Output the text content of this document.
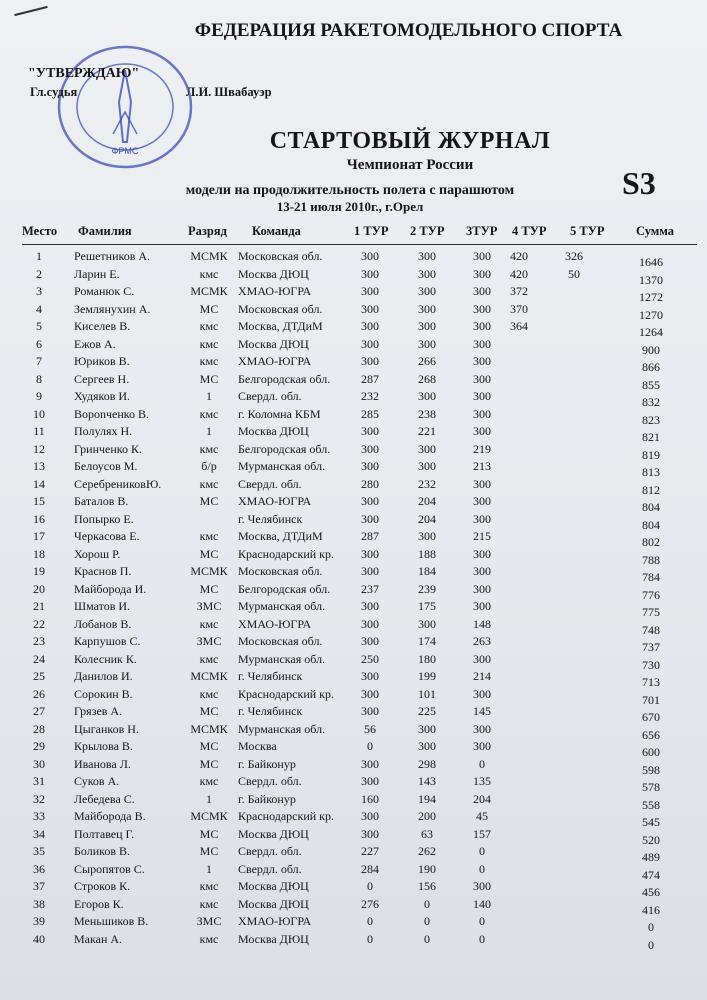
ФЕДЕРАЦИЯ РАКЕТОМОДЕЛЬНОГО СПОРТА
ФРМС
"УТВЕРЖДАЮ"
Гл.судья	Л.И. Швабауэр
СТАРТОВЫЙ ЖУРНАЛ
Чемпионат России
модели на продолжительность полета с парашютом
13-21 июля 2010г., г.Орел
S3
Место Фамилия	Разряд Команда	1 ТУР 2 ТУР 3ТУР 4 ТУР 5 ТУР	Сумма
1	Решетников А.	МСМК Московская обл.	300	300	300	420	326	1646
2	Ларин Е.	кмс	Москва ДЮЦ	300	300	300	420	50	1370
3	Романюк С.	МСМК ХМАО-ЮГРА	300	300	300	372	1272
4	Землянухин А.	МС	Московская обл.	300	300	300	370	1270
5	Киселев В.	кмс	Москва, ДТДиМ	300	300	300	364	1264
6	Ежов А.	кмс	Москва ДЮЦ	300	300	300	900
7	Юриков В.	кмс	ХМАО-ЮГРА	300	266	300	866
8	Сергеев Н.	МС	Белгородская обл.	287	268	300	855
9	Худяков И.	1	Свердл. обл.	232	300	300	832
10	Ворonченко В.	кмс	г. Коломна КБМ	285	238	300	823
11	Полулях Н.	1	Москва ДЮЦ	300	221	300	821
12	Гринченко К.	кмс	Белгородская обл.	300	300	219	819
13	Белоусов М.	б/р	Мурманская обл.	300	300	213	813
14	СеребрениковЮ.	кмс	Свердл. обл.	280	232	300	812
15	Баталов В.	МС	ХМАО-ЮГРА	300	204	300	804
16	Попырко Е.	г. Челябинск	300	204	300	804
17	Черкасова Е.	кмс	Москва, ДТДиМ	287	300	215	802
18	Хорош Р.	МС	Краснодарский кр.	300	188	300	788
19	Краснов П.	МСМК Московская обл.	300	184	300	784
20	Майборода И.	МС	Белгородская обл.	237	239	300	776
21	Шматов И.	ЗМС	Мурманская обл.	300	175	300	775
22	Лобанов В.	кмс	ХМАО-ЮГРА	300	300	148	748
23	Карпушов С.	ЗМС	Московская обл.	300	174	263	737
24	Колесник К.	кмс	Мурманская обл.	250	180	300	730
25	Данилов И.	МСМК г. Челябинск	300	199	214	713
26	Сорокин В.	кмс	Краснодарский кр.	300	101	300	701
27	Грязев А.	МС	г. Челябинск	300	225	145	670
28	Цыганков Н.	МСМК Мурманская обл.	56	300	300	656
29	Крылова В.	МС	Москва	0	300	300	600
30	Иванова Л.	МС	г. Байконур	300	298	0	598
31	Суков А.	кмс	Свердл. обл.	300	143	135	578
32	Лебедева С.	1	г. Байконур	160	194	204	558
33	Майборода В.	МСМК Краснодарский кр.	300	200	45	545
34	Полтавец Г.	МС	Москва ДЮЦ	300	63	157	520
35	Боликов В.	МС	Свердл. обл.	227	262	0	489
36	Сыропятов С.	1	Свердл. обл.	284	190	0	474
37	Строков К.	кмс	Москва ДЮЦ	0	156	300	456
38	Егоров К.	кмс	Москва ДЮЦ	276	0	140	416
39	Меньшиков В.	ЗМС	ХМАО-ЮГРА	0	0	0	0
40	Макан А.	кмс	Москва ДЮЦ	0	0	0	0
